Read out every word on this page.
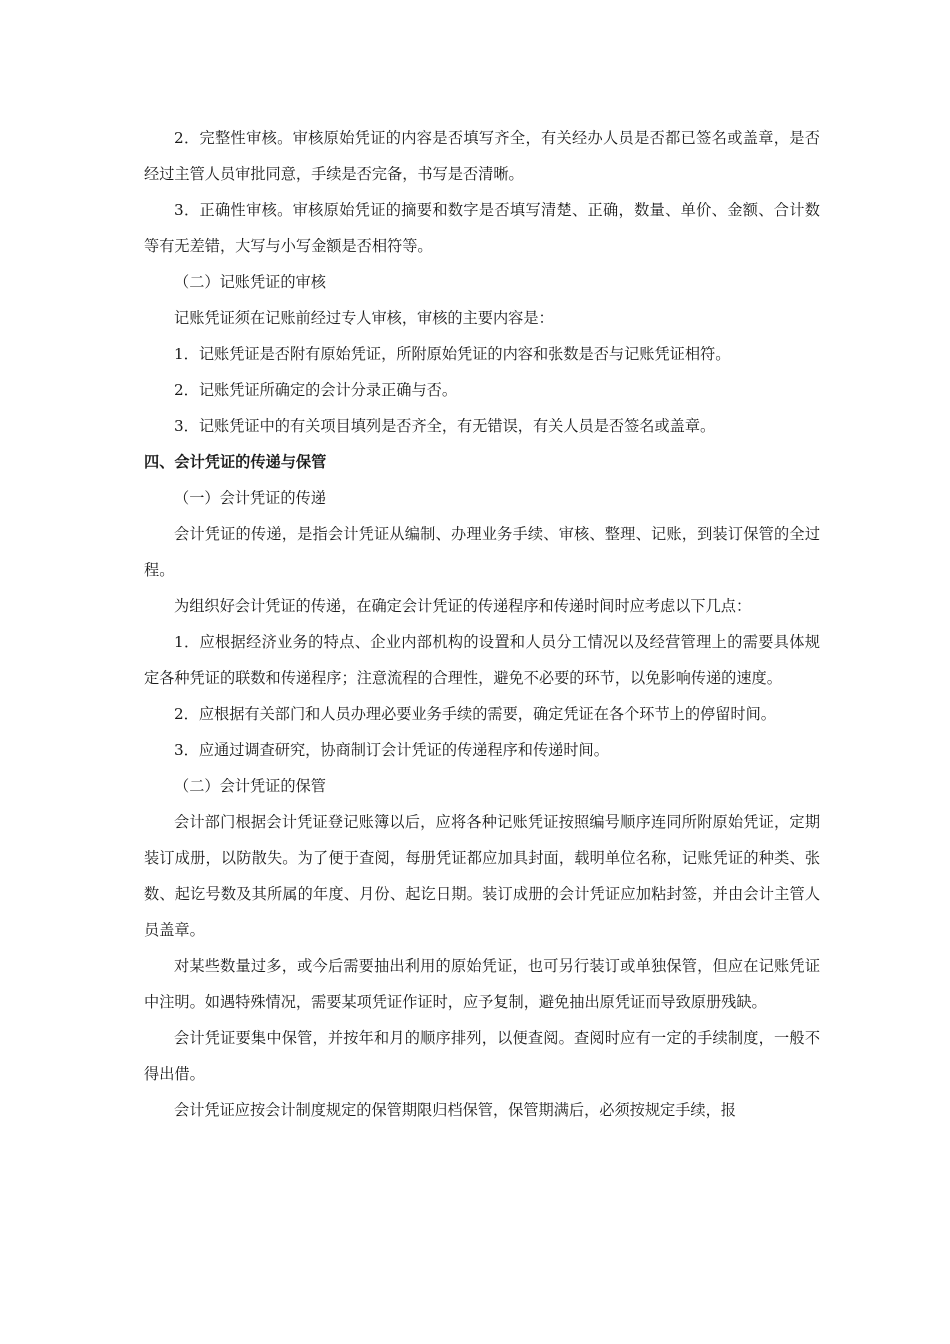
2．完整性审核。审核原始凭证的内容是否填写齐全，有关经办人员是否都已签名或盖章，是否经过主管人员审批同意，手续是否完备，书写是否清晰。

3．正确性审核。审核原始凭证的摘要和数字是否填写清楚、正确，数量、单价、金额、合计数等有无差错，大写与小写金额是否相符等。

（二）记账凭证的审核

记账凭证须在记账前经过专人审核，审核的主要内容是：

1．记账凭证是否附有原始凭证，所附原始凭证的内容和张数是否与记账凭证相符。

2．记账凭证所确定的会计分录正确与否。

3．记账凭证中的有关项目填列是否齐全，有无错误，有关人员是否签名或盖章。

四、会计凭证的传递与保管

（一）会计凭证的传递

会计凭证的传递，是指会计凭证从编制、办理业务手续、审核、整理、记账，到装订保管的全过程。

为组织好会计凭证的传递，在确定会计凭证的传递程序和传递时间时应考虑以下几点：

1．应根据经济业务的特点、企业内部机构的设置和人员分工情况以及经营管理上的需要具体规定各种凭证的联数和传递程序；注意流程的合理性，避免不必要的环节，以免影响传递的速度。

2．应根据有关部门和人员办理必要业务手续的需要，确定凭证在各个环节上的停留时间。

3．应通过调查研究，协商制订会计凭证的传递程序和传递时间。

（二）会计凭证的保管

会计部门根据会计凭证登记账簿以后，应将各种记账凭证按照编号顺序连同所附原始凭证，定期装订成册，以防散失。为了便于查阅，每册凭证都应加具封面，载明单位名称，记账凭证的种类、张数、起讫号数及其所属的年度、月份、起讫日期。装订成册的会计凭证应加粘封签，并由会计主管人员盖章。

对某些数量过多，或今后需要抽出利用的原始凭证，也可另行装订或单独保管，但应在记账凭证中注明。如遇特殊情况，需要某项凭证作证时，应予复制，避免抽出原凭证而导致原册残缺。

会计凭证要集中保管，并按年和月的顺序排列，以便查阅。查阅时应有一定的手续制度，一般不得出借。

会计凭证应按会计制度规定的保管期限归档保管，保管期满后，必须按规定手续，报
